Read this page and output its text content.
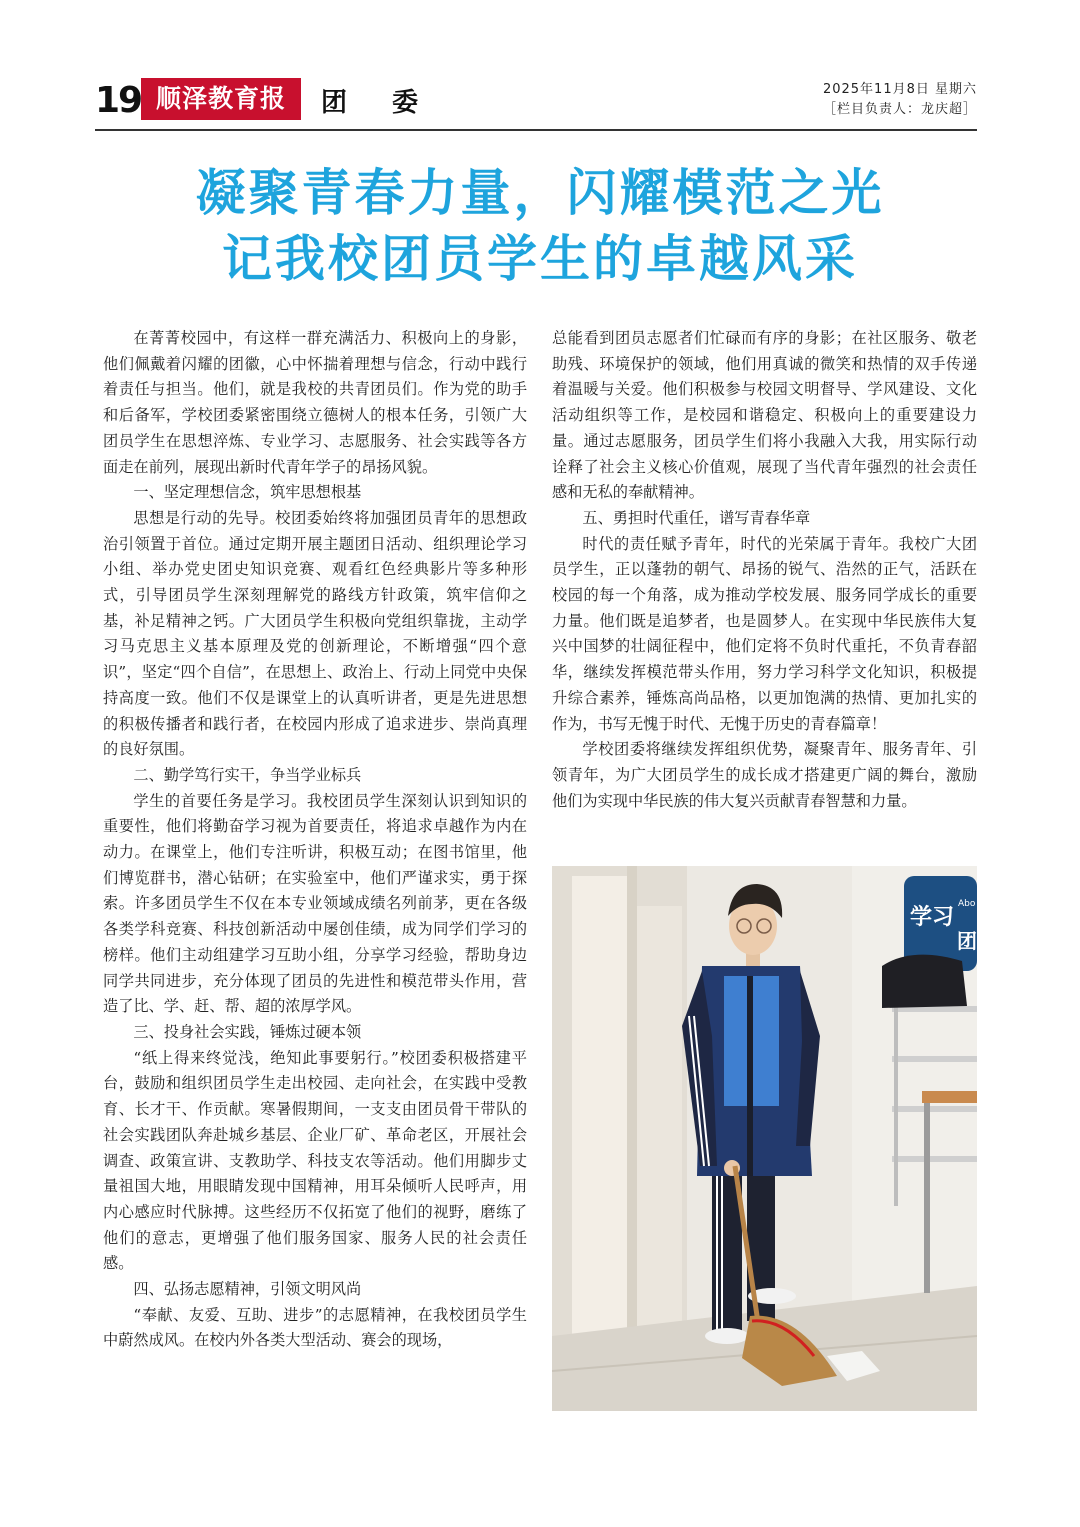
19 顺泽教育报	团 委	2025年11月8日 星期六
［栏目负责人：龙庆超］
凝聚青春力量，闪耀模范之光
记我校团员学生的卓越风采

在菁菁校园中，有这样一群充满活力、积极向上的身影，他们佩戴着闪耀的团徽，心中怀揣着理想与信念，行动中践行着责任与担当。他们，就是我校的共青团员们。作为党的助手和后备军，学校团委紧密围绕立德树人的根本任务，引领广大团员学生在思想淬炼、专业学习、志愿服务、社会实践等各方面走在前列，展现出新时代青年学子的昂扬风貌。

一、坚定理想信念，筑牢思想根基

思想是行动的先导。校团委始终将加强团员青年的思想政治引领置于首位。通过定期开展主题团日活动、组织理论学习小组、举办党史团史知识竞赛、观看红色经典影片等多种形式，引导团员学生深刻理解党的路线方针政策，筑牢信仰之基，补足精神之钙。广大团员学生积极向党组织靠拢，主动学习马克思主义基本原理及党的创新理论，不断增强“四个意识”，坚定“四个自信”，在思想上、政治上、行动上同党中央保持高度一致。他们不仅是课堂上的认真听讲者，更是先进思想的积极传播者和践行者，在校园内形成了追求进步、崇尚真理的良好氛围。

二、勤学笃行实干，争当学业标兵

学生的首要任务是学习。我校团员学生深刻认识到知识的重要性，他们将勤奋学习视为首要责任，将追求卓越作为内在动力。在课堂上，他们专注听讲，积极互动；在图书馆里，他们博览群书，潜心钻研；在实验室中，他们严谨求实，勇于探索。许多团员学生不仅在本专业领域成绩名列前茅，更在各级各类学科竞赛、科技创新活动中屡创佳绩，成为同学们学习的榜样。他们主动组建学习互助小组，分享学习经验，帮助身边同学共同进步，充分体现了团员的先进性和模范带头作用，营造了比、学、赶、帮、超的浓厚学风。

三、投身社会实践，锤炼过硬本领

“纸上得来终觉浅，绝知此事要躬行。”校团委积极搭建平台，鼓励和组织团员学生走出校园、走向社会，在实践中受教育、长才干、作贡献。寒暑假期间，一支支由团员骨干带队的社会实践团队奔赴城乡基层、企业厂矿、革命老区，开展社会调查、政策宣讲、支教助学、科技支农等活动。他们用脚步丈量祖国大地，用眼睛发现中国精神，用耳朵倾听人民呼声，用内心感应时代脉搏。这些经历不仅拓宽了他们的视野，磨练了他们的意志，更增强了他们服务国家、服务人民的社会责任感。

四、弘扬志愿精神，引领文明风尚

“奉献、友爱、互助、进步”的志愿精神，在我校团员学生中蔚然成风。在校内外各类大型活动、赛会的现场，

总能看到团员志愿者们忙碌而有序的身影；在社区服务、敬老助残、环境保护的领域，他们用真诚的微笑和热情的双手传递着温暖与关爱。他们积极参与校园文明督导、学风建设、文化活动组织等工作，是校园和谐稳定、积极向上的重要建设力量。通过志愿服务，团员学生们将小我融入大我，用实际行动诠释了社会主义核心价值观，展现了当代青年强烈的社会责任感和无私的奉献精神。

五、勇担时代重任，谱写青春华章

时代的责任赋予青年，时代的光荣属于青年。我校广大团员学生，正以蓬勃的朝气、昂扬的锐气、浩然的正气，活跃在校园的每一个角落，成为推动学校发展、服务同学成长的重要力量。他们既是追梦者，也是圆梦人。在实现中华民族伟大复兴中国梦的壮阔征程中，他们定将不负时代重托，不负青春韶华，继续发挥模范带头作用，努力学习科学文化知识，积极提升综合素养，锤炼高尚品格，以更加饱满的热情、更加扎实的作为，书写无愧于时代、无愧于历史的青春篇章！

学校团委将继续发挥组织优势，凝聚青年、服务青年、引领青年，为广大团员学生的成长成才搭建更广阔的舞台，激励他们为实现中华民族的伟大复兴贡献青春智慧和力量。

学习
Abo
团
